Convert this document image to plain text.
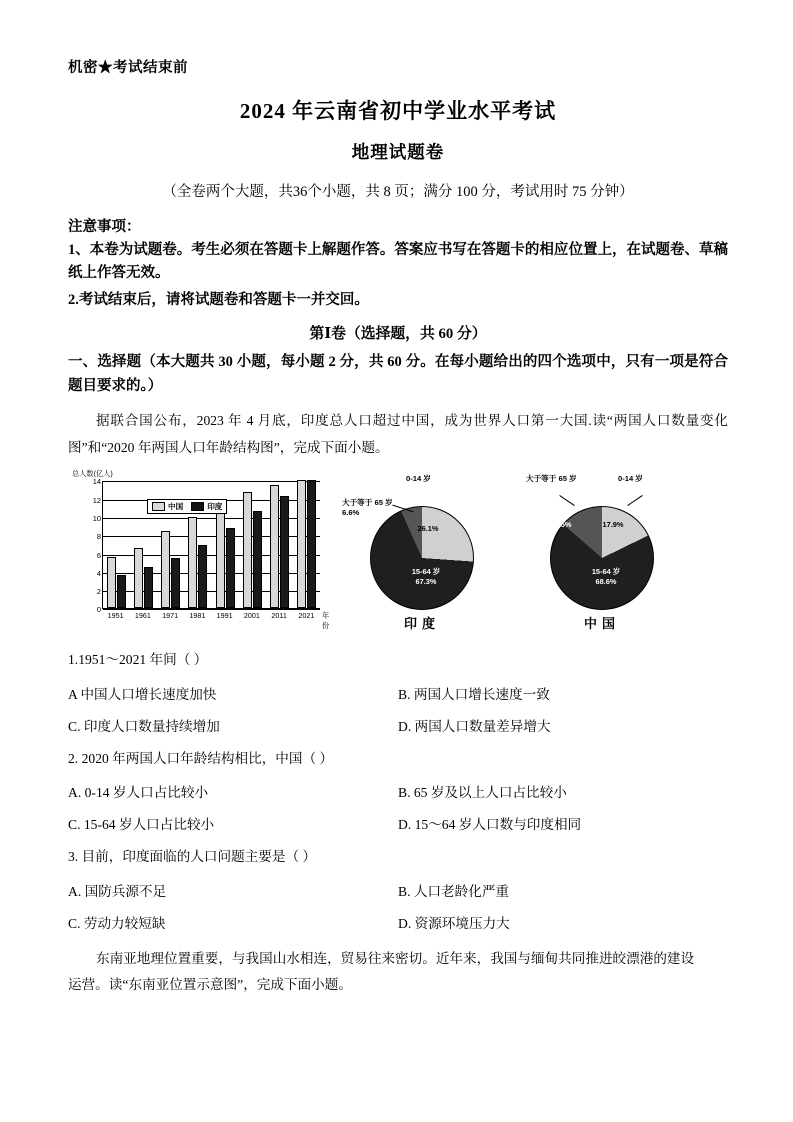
机密★考试结束前
2024 年云南省初中学业水平考试
地理试题卷
（全卷两个大题，共36个小题，共 8 页；满分 100 分，考试用时 75 分钟）
注意事项：
1、本卷为试题卷。考生必须在答题卡上解题作答。答案应书写在答题卡的相应位置上，在试题卷、草稿纸上作答无效。
2.考试结束后，请将试题卷和答题卡一并交回。
第Ⅰ卷（选择题，共 60 分）
一、选择题（本大题共 30 小题，每小题 2 分，共 60 分。在每小题给出的四个选项中，只有一项是符合题目要求的。）
据联合国公布，2023 年 4 月底，印度总人口超过中国，成为世界人口第一大国.读“两国人口数量变化图”和“2020 年两国人口年龄结构图”，完成下面小题。
总人数(亿人)
14
12
10
8
6
4
2
0
中国	印度
1951	1961	1971	1981	1991	2001	2011	2021	年份
0-14 岁
大于等于 65 岁
6.6%
26.1%
15-64 岁
67.3%
印度
大于等于 65 岁	0-14 岁
13.5%	17.9%
15-64 岁
68.6%
中国
1.1951～2021 年间（ ）
A 中国人口增长速度加快	B. 两国人口增长速度一致
C. 印度人口数量持续增加	D. 两国人口数量差异增大
2. 2020 年两国人口年龄结构相比，中国（ ）
A. 0-14 岁人口占比较小	B. 65 岁及以上人口占比较小
C. 15-64 岁人口占比较小	D. 15～64 岁人口数与印度相同
3. 目前，印度面临的人口问题主要是（ ）
A. 国防兵源不足	B. 人口老龄化严重
C. 劳动力较短缺	D. 资源环境压力大
东南亚地理位置重要，与我国山水相连，贸易往来密切。近年来，我国与缅甸共同推进皎漂港的建设
运营。读“东南亚位置示意图”，完成下面小题。
